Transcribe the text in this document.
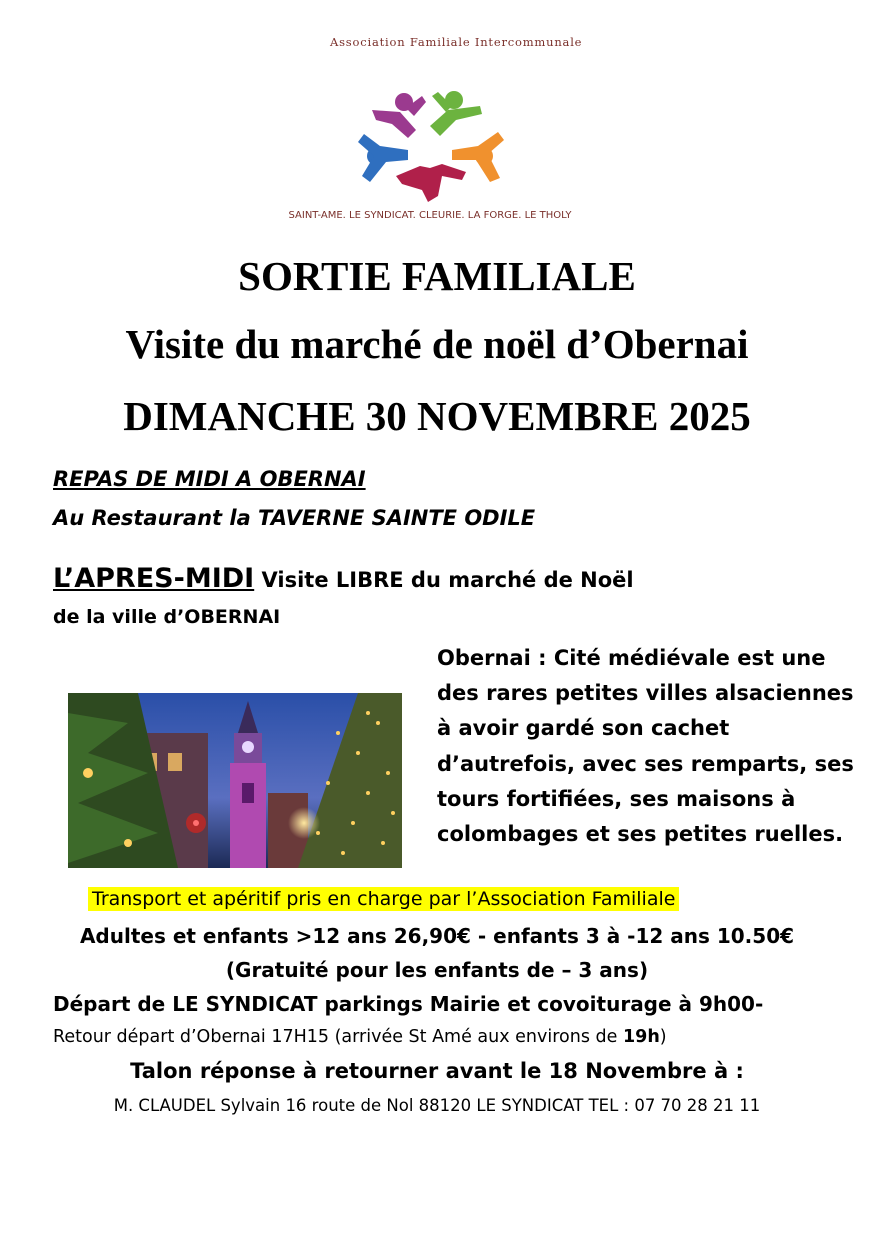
Association Familiale Intercommunale
SAINT-AME. LE SYNDICAT. CLEURIE. LA FORGE. LE THOLY
SORTIE FAMILIALE
Visite du marché de noël d’Obernai
DIMANCHE 30 NOVEMBRE 2025
REPAS DE MIDI A OBERNAI
Au Restaurant la TAVERNE SAINTE ODILE
L’APRES-MIDI Visite LIBRE du marché de Noël
de la ville d’OBERNAI
Obernai : Cité médiévale est une des rares petites villes alsaciennes à avoir gardé son cachet d’autrefois, avec ses remparts, ses tours fortifiées, ses maisons à colombages et ses petites ruelles.
Transport et apéritif pris en charge par l’Association Familiale
Adultes et enfants >12 ans 26,90€ - enfants 3 à -12 ans 10.50€
(Gratuité pour les enfants de – 3 ans)
Départ de LE SYNDICAT parkings Mairie et covoiturage à 9h00-
Retour départ d’Obernai 17H15 (arrivée St Amé aux environs de 19h)
Talon réponse à retourner avant le 18 Novembre à :
M. CLAUDEL Sylvain 16 route de Nol 88120 LE SYNDICAT TEL : 07 70 28 21 11
